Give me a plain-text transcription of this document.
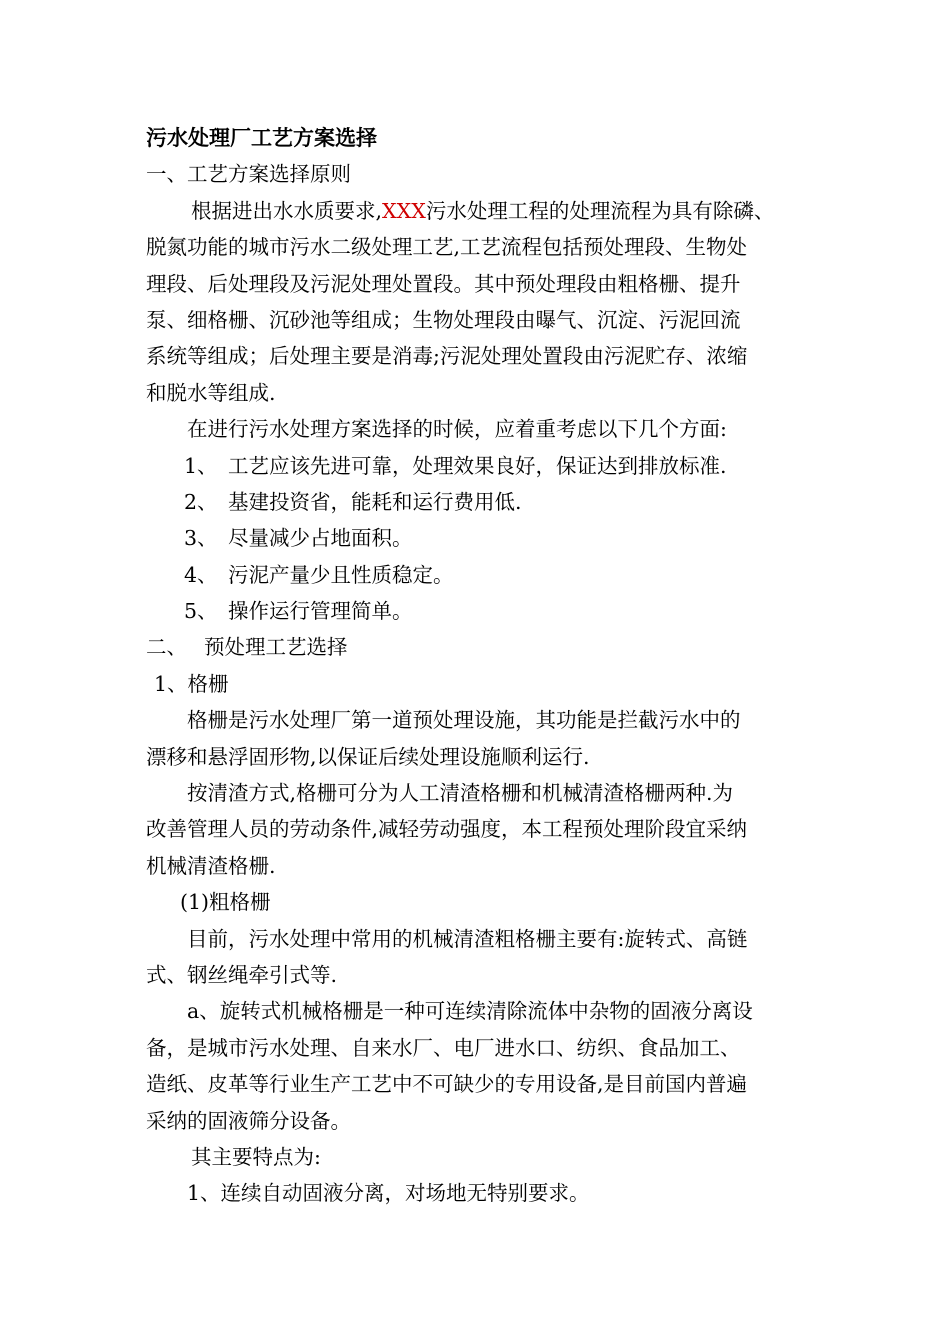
污水处理厂工艺方案选择
一、工艺方案选择原则
根据进出水水质要求,XXX污水处理工程的处理流程为具有除磷、
脱氮功能的城市污水二级处理工艺,工艺流程包括预处理段、生物处
理段、后处理段及污泥处理处置段。其中预处理段由粗格栅、提升
泵、细格栅、沉砂池等组成；生物处理段由曝气、沉淀、污泥回流
系统等组成；后处理主要是消毒;污泥处理处置段由污泥贮存、浓缩
和脱水等组成.
在进行污水处理方案选择的时候，应着重考虑以下几个方面:
1、 工艺应该先进可靠，处理效果良好，保证达到排放标准.
2、 基建投资省，能耗和运行费用低.
3、 尽量减少占地面积。
4、 污泥产量少且性质稳定。
5、 操作运行管理简单。
二、 预处理工艺选择
1、格栅
格栅是污水处理厂第一道预处理设施，其功能是拦截污水中的
漂移和悬浮固形物,以保证后续处理设施顺利运行.
按清渣方式,格栅可分为人工清渣格栅和机械清渣格栅两种.为
改善管理人员的劳动条件,减轻劳动强度，本工程预处理阶段宜采纳
机械清渣格栅.
(1)粗格栅
目前，污水处理中常用的机械清渣粗格栅主要有:旋转式、高链
式、钢丝绳牵引式等.
a、旋转式机械格栅是一种可连续清除流体中杂物的固液分离设
备，是城市污水处理、自来水厂、电厂进水口、纺织、食品加工、
造纸、皮革等行业生产工艺中不可缺少的专用设备,是目前国内普遍
采纳的固液筛分设备。
其主要特点为:
1、连续自动固液分离，对场地无特别要求。
